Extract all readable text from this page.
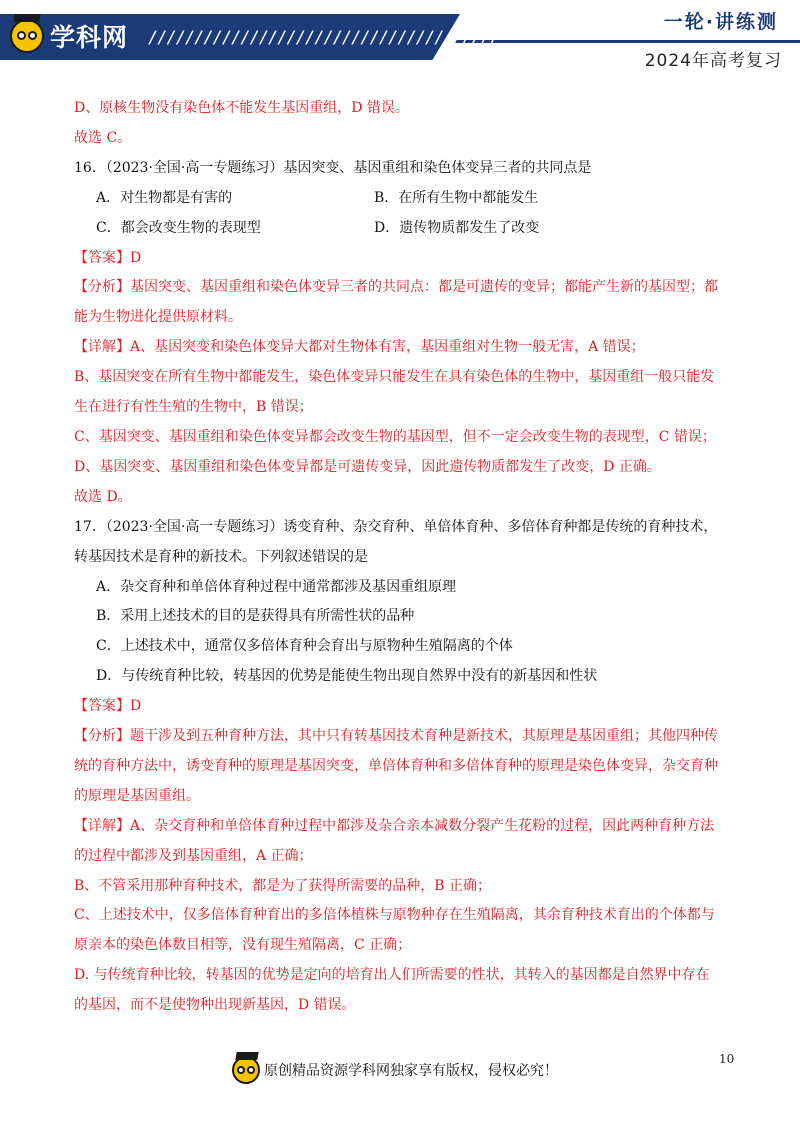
学科网 //////////////////////////////////////
一轮·讲练测
2024年高考复习
D、原核生物没有染色体不能发生基因重组，D 错误。
故选 C。
16．（2023·全国·高一专题练习）基因突变、基因重组和染色体变异三者的共同点是
A．对生物都是有害的	B．在所有生物中都能发生
C．都会改变生物的表现型	D．遗传物质都发生了改变
【答案】D
【分析】基因突变、基因重组和染色体变异三者的共同点：都是可遗传的变异；都能产生新的基因型；都
能为生物进化提供原材料。
【详解】A、基因突变和染色体变异大都对生物体有害，基因重组对生物一般无害，A 错误；
B、基因突变在所有生物中都能发生，染色体变异只能发生在具有染色体的生物中，基因重组一般只能发
生在进行有性生殖的生物中，B 错误；
C、基因突变、基因重组和染色体变异都会改变生物的基因型，但不一定会改变生物的表现型，C 错误；
D、基因突变、基因重组和染色体变异都是可遗传变异，因此遗传物质都发生了改变，D 正确。
故选 D。
17．（2023·全国·高一专题练习）诱变育种、杂交育种、单倍体育种、多倍体育种都是传统的育种技术，
转基因技术是育种的新技术。下列叙述错误的是
A．杂交育种和单倍体育种过程中通常都涉及基因重组原理
B．采用上述技术的目的是获得具有所需性状的品种
C．上述技术中，通常仅多倍体育种会育出与原物种生殖隔离的个体
D．与传统育种比较，转基因的优势是能使生物出现自然界中没有的新基因和性状
【答案】D
【分析】题干涉及到五种育种方法，其中只有转基因技术育种是新技术，其原理是基因重组；其他四种传
统的育种方法中，诱变育种的原理是基因突变，单倍体育种和多倍体育种的原理是染色体变异，杂交育种
的原理是基因重组。
【详解】A、杂交育种和单倍体育种过程中都涉及杂合亲本减数分裂产生花粉的过程，因此两种育种方法
的过程中都涉及到基因重组，A 正确；
B、不管采用那种育种技术，都是为了获得所需要的品种，B 正确；
C、上述技术中，仅多倍体育种育出的多倍体植株与原物种存在生殖隔离，其余育种技术育出的个体都与
原亲本的染色体数目相等，没有现生殖隔离，C 正确；
D. 与传统育种比较，转基因的优势是定向的培育出人们所需要的性状，其转入的基因都是自然界中存在
的基因，而不是使物种出现新基因，D 错误。
10
原创精品资源学科网独家享有版权，侵权必究！
